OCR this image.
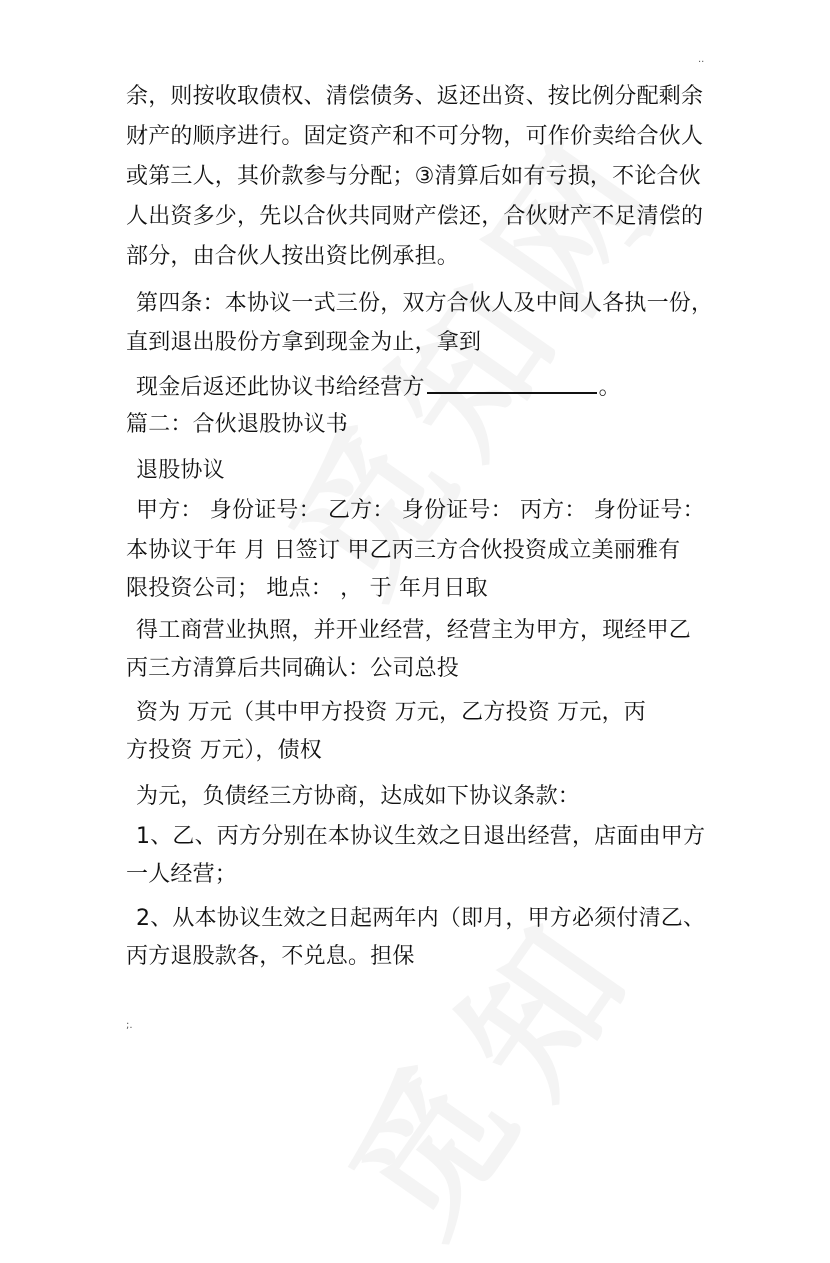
..
余，则按收取债权、清偿债务、返还出资、按比例分配剩余
财产的顺序进行。固定资产和不可分物，可作价卖给合伙人
或第三人，其价款参与分配；③清算后如有亏损，不论合伙
人出资多少，先以合伙共同财产偿还，合伙财产不足清偿的
部分，由合伙人按出资比例承担。
第四条：本协议一式三份，双方合伙人及中间人各执一份，
直到退出股份方拿到现金为止，拿到
现金后返还此协议书给经营方	。
篇二：合伙退股协议书
退股协议
甲方： 身份证号： 乙方： 身份证号： 丙方： 身份证号：
本协议于年 月 日签订 甲乙丙三方合伙投资成立美丽雅有
限投资公司； 地点： ， 于 年月日取
得工商营业执照，并开业经营，经营主为甲方，现经甲乙
丙三方清算后共同确认：公司总投
资为 万元（其中甲方投资 万元，乙方投资 万元，丙
方投资 万元），债权
为元，负债经三方协商，达成如下协议条款：
1、乙、丙方分别在本协议生效之日退出经营，店面由甲方
一人经营；
2、从本协议生效之日起两年内（即月，甲方必须付清乙、
丙方退股款各，不兑息。担保
;.
